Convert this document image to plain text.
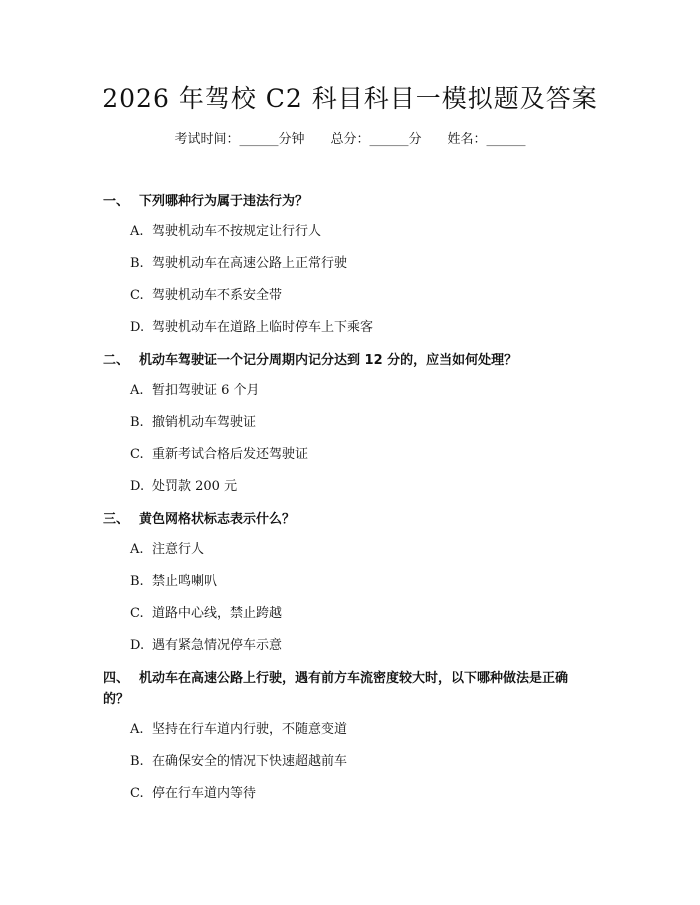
2026 年驾校 C2 科目科目一模拟题及答案
考试时间：______分钟 总分：______分 姓名：______
一、 下列哪种行为属于违法行为？
A. 驾驶机动车不按规定让行行人
B. 驾驶机动车在高速公路上正常行驶
C. 驾驶机动车不系安全带
D. 驾驶机动车在道路上临时停车上下乘客
二、 机动车驾驶证一个记分周期内记分达到 12 分的，应当如何处理？
A. 暂扣驾驶证 6 个月
B. 撤销机动车驾驶证
C. 重新考试合格后发还驾驶证
D. 处罚款 200 元
三、 黄色网格状标志表示什么？
A. 注意行人
B. 禁止鸣喇叭
C. 道路中心线，禁止跨越
D. 遇有紧急情况停车示意
四、 机动车在高速公路上行驶，遇有前方车流密度较大时，以下哪种做法是正确
的？
A. 坚持在行车道内行驶，不随意变道
B. 在确保安全的情况下快速超越前车
C. 停在行车道内等待
